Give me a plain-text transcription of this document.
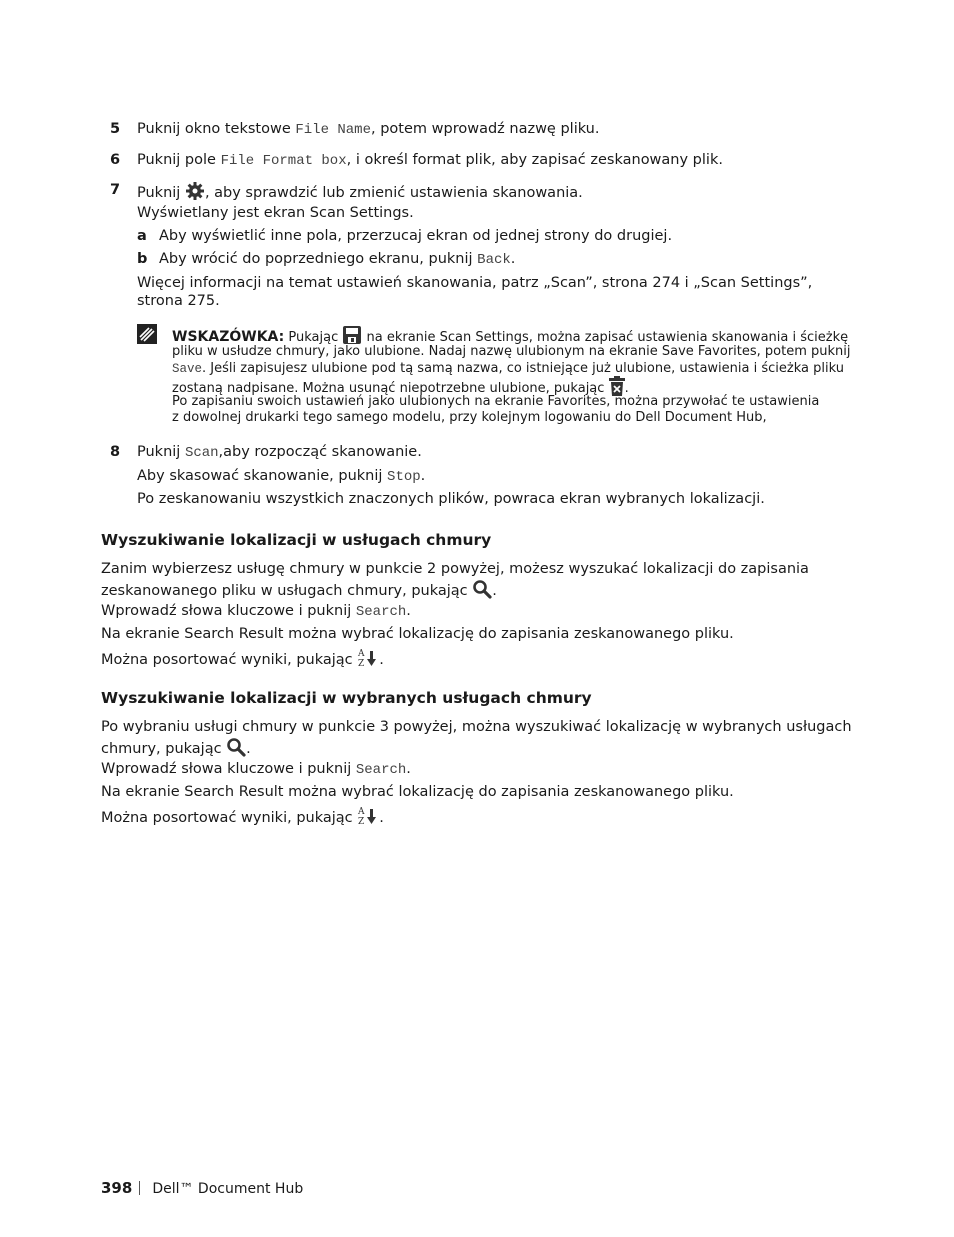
5 Puknij okno tekstowe File Name, potem wprowadź nazwę pliku.
6 Puknij pole File Format box, i określ format plik, aby zapisać zeskanowany plik.
7 Puknij , aby sprawdzić lub zmienić ustawienia skanowania.
Wyświetlany jest ekran Scan Settings.
a Aby wyświetlić inne pola, przerzucaj ekran od jednej strony do drugiej.
b Aby wrócić do poprzedniego ekranu, puknij Back.
Więcej informacji na temat ustawień skanowania, patrz „Scan”, strona 274 i „Scan Settings”,
strona 275.
WSKAZÓWKA: Pukając  na ekranie Scan Settings, można zapisać ustawienia skanowania i ścieżkę
pliku w usłudze chmury, jako ulubione. Nadaj nazwę ulubionym na ekranie Save Favorites, potem puknij
Save. Jeśli zapisujesz ulubione pod tą samą nazwa, co istniejące już ulubione, ustawienia i ścieżka pliku
zostaną nadpisane. Można usunąć niepotrzebne ulubione, pukając .
Po zapisaniu swoich ustawień jako ulubionych na ekranie Favorites, można przywołać te ustawienia
z dowolnej drukarki tego samego modelu, przy kolejnym logowaniu do Dell Document Hub,
8 Puknij Scan,aby rozpocząć skanowanie.
Aby skasować skanowanie, puknij Stop.
Po zeskanowaniu wszystkich znaczonych plików, powraca ekran wybranych lokalizacji.
Wyszukiwanie lokalizacji w usługach chmury
Zanim wybierzesz usługę chmury w punkcie 2 powyżej, możesz wyszukać lokalizacji do zapisania
zeskanowanego pliku w usługach chmury, pukając .
Wprowadź słowa kluczowe i puknij Search.
Na ekranie Search Result można wybrać lokalizację do zapisania zeskanowanego pliku.
Można posortować wyniki, pukając A
Z .
Wyszukiwanie lokalizacji w wybranych usługach chmury
Po wybraniu usługi chmury w punkcie 3 powyżej, można wyszukiwać lokalizację w wybranych usługach
chmury, pukając .
Wprowadź słowa kluczowe i puknij Search.
Na ekranie Search Result można wybrać lokalizację do zapisania zeskanowanego pliku.
Można posortować wyniki, pukając A
Z .
398 Dell™ Document Hub
